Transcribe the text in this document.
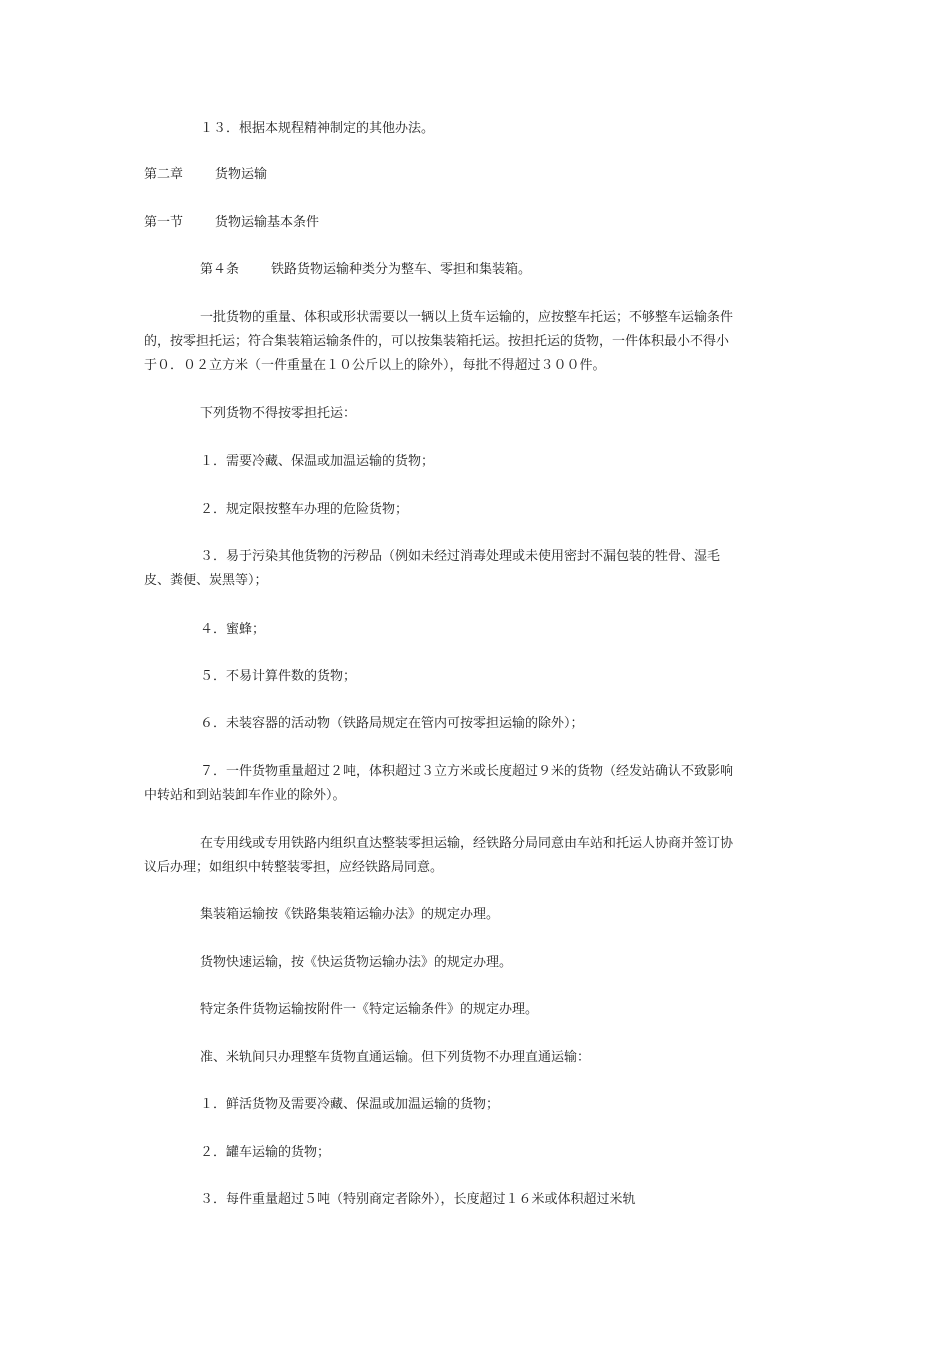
１３．根据本规程精神制定的其他办法。

第二章 货物运输

第一节 货物运输基本条件

第４条 铁路货物运输种类分为整车、零担和集装箱。

一批货物的重量、体积或形状需要以一辆以上货车运输的，应按整车托运；不够整车运输条件的，按零担托运；符合集装箱运输条件的，可以按集装箱托运。按担托运的货物，一件体积最小不得小于０．０２立方米（一件重量在１０公斤以上的除外），每批不得超过３００件。

下列货物不得按零担托运：

１．需要冷藏、保温或加温运输的货物；

２．规定限按整车办理的危险货物；

３．易于污染其他货物的污秽品（例如未经过消毒处理或未使用密封不漏包装的牲骨、湿毛皮、粪便、炭黑等）；

４．蜜蜂；

５．不易计算件数的货物；

６．未装容器的活动物（铁路局规定在管内可按零担运输的除外）；

７．一件货物重量超过２吨，体积超过３立方米或长度超过９米的货物（经发站确认不致影响中转站和到站装卸车作业的除外）。

在专用线或专用铁路内组织直达整装零担运输，经铁路分局同意由车站和托运人协商并签订协议后办理；如组织中转整装零担，应经铁路局同意。

集装箱运输按《铁路集装箱运输办法》的规定办理。

货物快速运输，按《快运货物运输办法》的规定办理。

特定条件货物运输按附件一《特定运输条件》的规定办理。

准、米轨间只办理整车货物直通运输。但下列货物不办理直通运输：

１．鲜活货物及需要冷藏、保温或加温运输的货物；

２．罐车运输的货物；

３．每件重量超过５吨（特别商定者除外），长度超过１６米或体积超过米轨
